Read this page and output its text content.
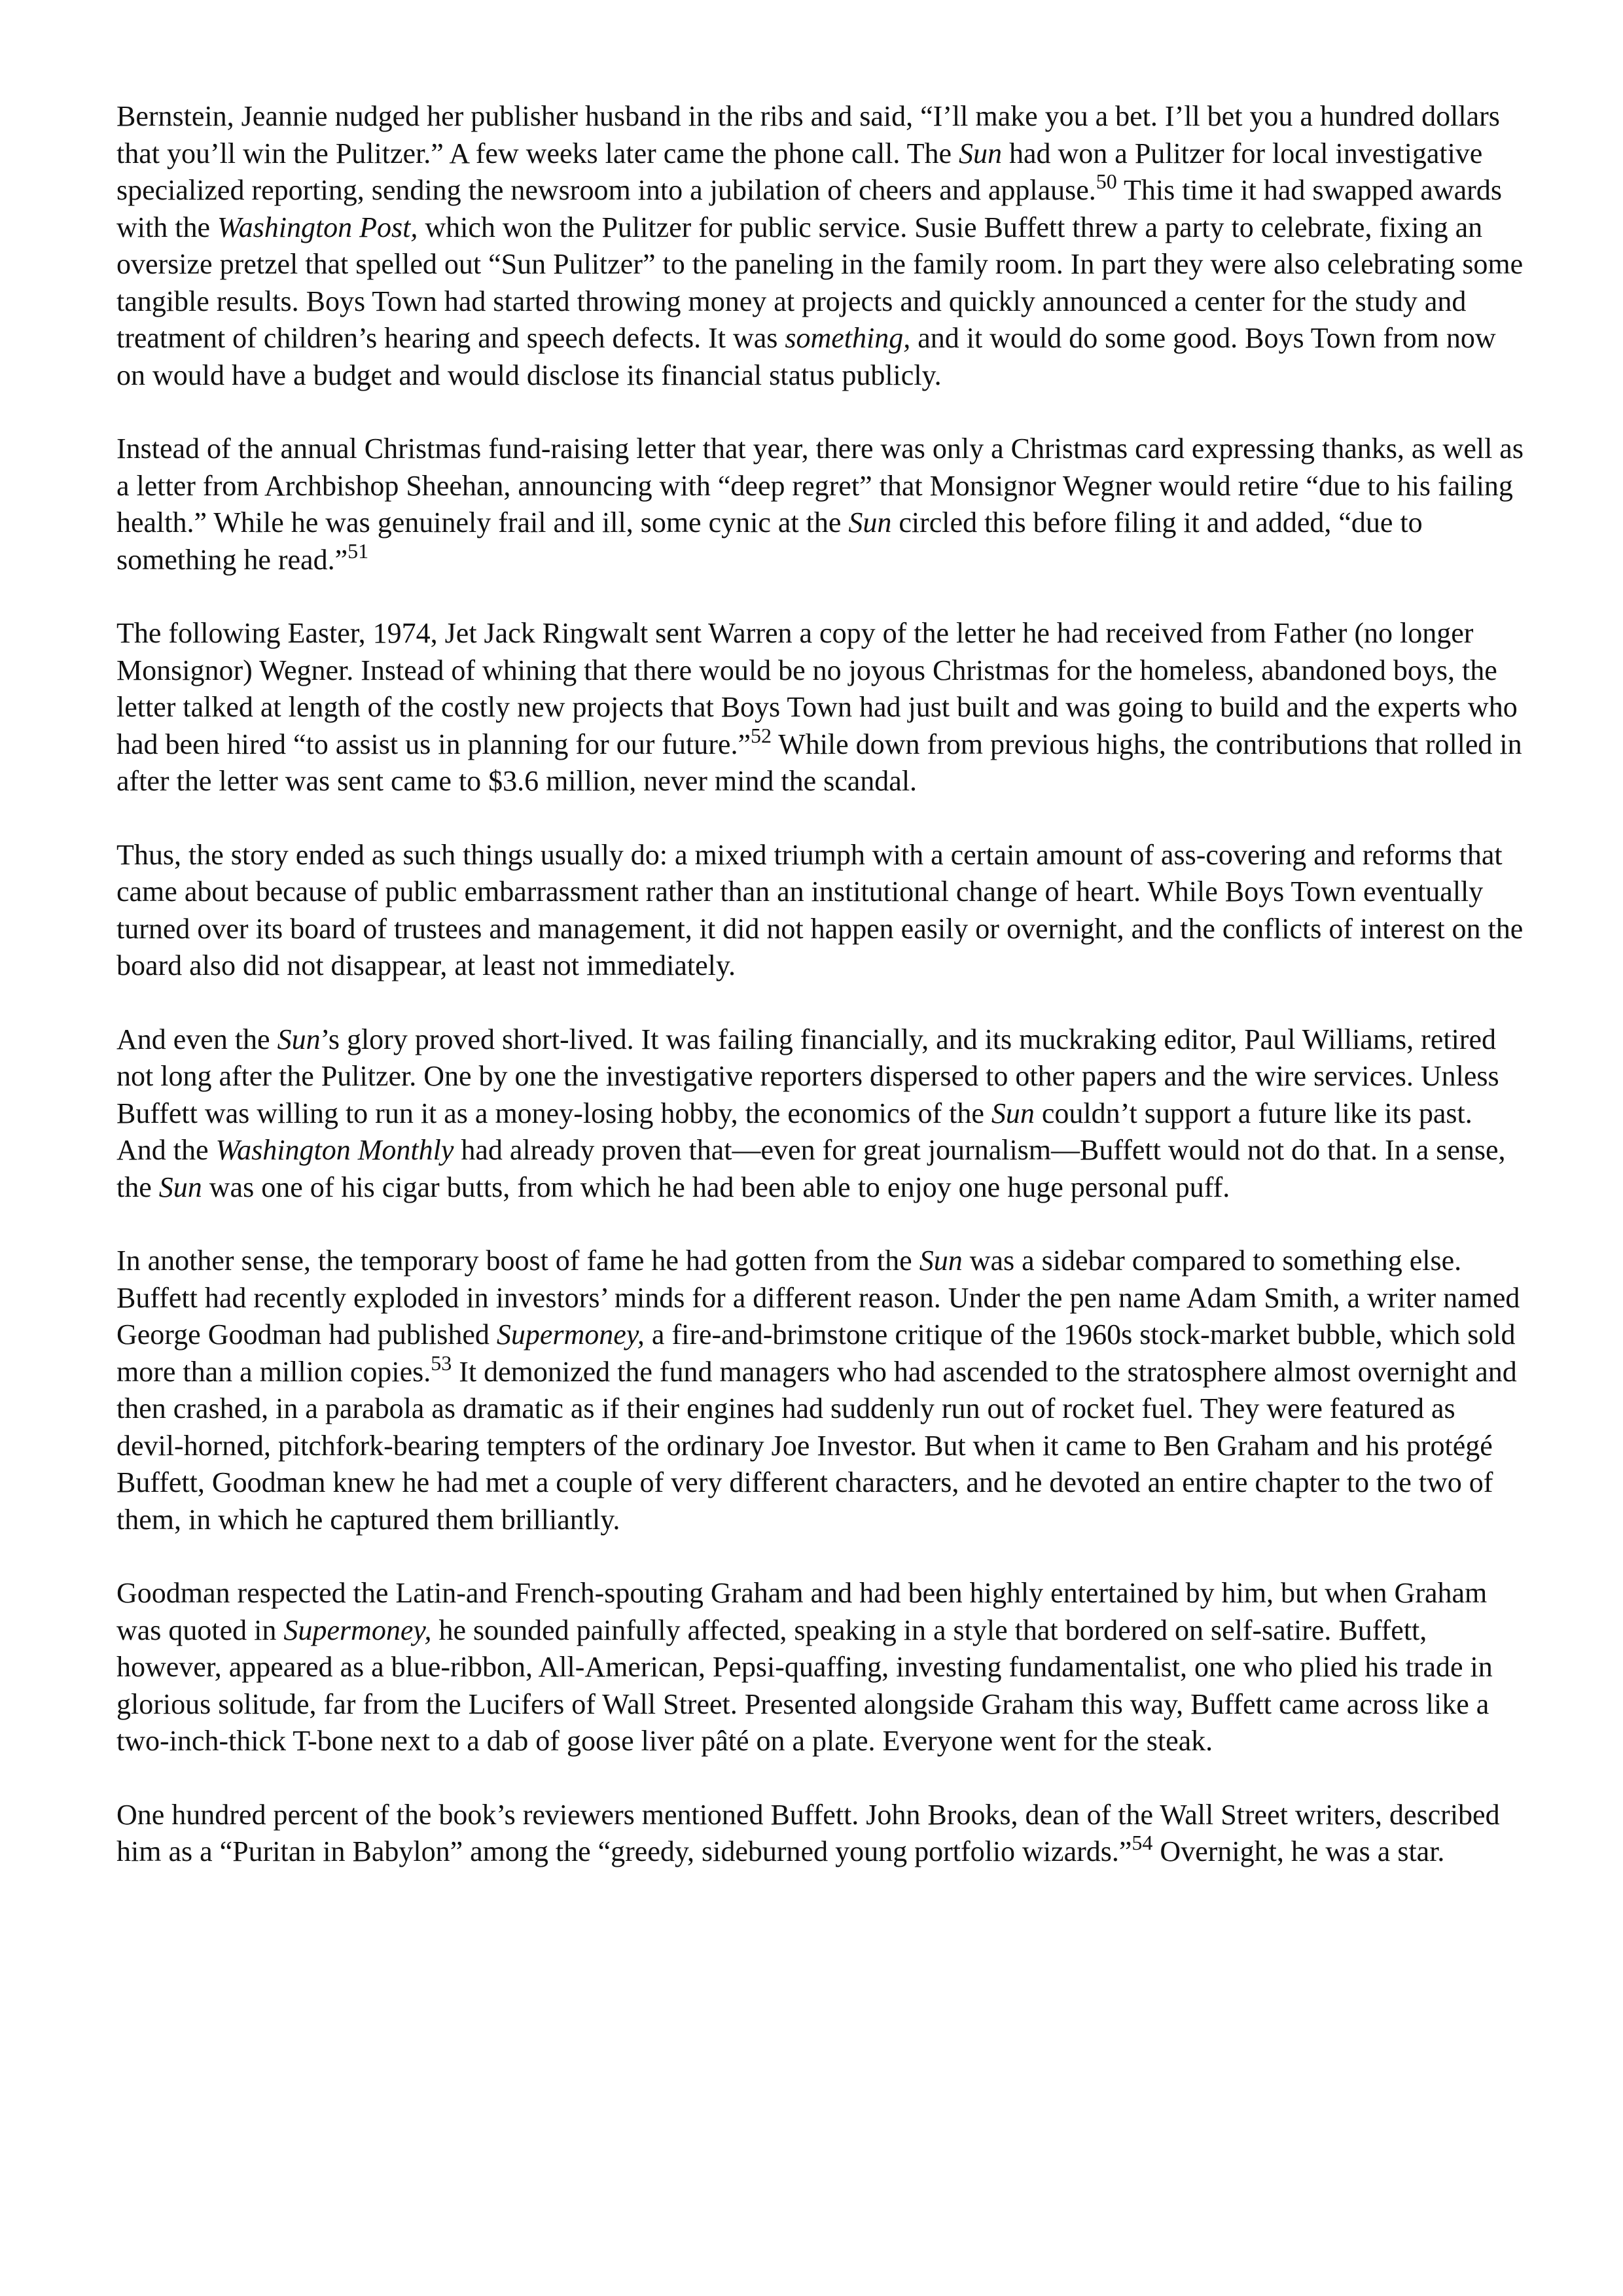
Bernstein, Jeannie nudged her publisher husband in the ribs and said, “I’ll make you a bet. I’ll bet you a hundred dollars that you’ll win the Pulitzer.” A few weeks later came the phone call. The Sun had won a Pulitzer for local investigative specialized reporting, sending the newsroom into a jubilation of cheers and applause.$^{50}$ This time it had swapped awards with the Washington Post, which won the Pulitzer for public service. Susie Buffett threw a party to celebrate, fixing an oversize pretzel that spelled out “Sun Pulitzer” to the paneling in the family room. In part they were also celebrating some tangible results. Boys Town had started throwing money at projects and quickly announced a center for the study and treatment of children’s hearing and speech defects. It was something, and it would do some good. Boys Town from now on would have a budget and would disclose its financial status publicly.

Instead of the annual Christmas fund-raising letter that year, there was only a Christmas card expressing thanks, as well as a letter from Archbishop Sheehan, announcing with “deep regret” that Monsignor Wegner would retire “due to his failing health.” While he was genuinely frail and ill, some cynic at the Sun circled this before filing it and added, “due to something he read.”$^{51}$

The following Easter, 1974, Jet Jack Ringwalt sent Warren a copy of the letter he had received from Father (no longer Monsignor) Wegner. Instead of whining that there would be no joyous Christmas for the homeless, abandoned boys, the letter talked at length of the costly new projects that Boys Town had just built and was going to build and the experts who had been hired “to assist us in planning for our future.”$^{52}$ While down from previous highs, the contributions that rolled in after the letter was sent came to $3.6 million, never mind the scandal.

Thus, the story ended as such things usually do: a mixed triumph with a certain amount of ass-covering and reforms that came about because of public embarrassment rather than an institutional change of heart. While Boys Town eventually turned over its board of trustees and management, it did not happen easily or overnight, and the conflicts of interest on the board also did not disappear, at least not immediately.

And even the Sun’s glory proved short-lived. It was failing financially, and its muckraking editor, Paul Williams, retired not long after the Pulitzer. One by one the investigative reporters dispersed to other papers and the wire services. Unless Buffett was willing to run it as a money-losing hobby, the economics of the Sun couldn’t support a future like its past. And the Washington Monthly had already proven that—even for great journalism—Buffett would not do that. In a sense, the Sun was one of his cigar butts, from which he had been able to enjoy one huge personal puff.

In another sense, the temporary boost of fame he had gotten from the Sun was a sidebar compared to something else. Buffett had recently exploded in investors’ minds for a different reason. Under the pen name Adam Smith, a writer named George Goodman had published Supermoney, a fire-and-brimstone critique of the 1960s stock-market bubble, which sold more than a million copies.$^{53}$ It demonized the fund managers who had ascended to the stratosphere almost overnight and then crashed, in a parabola as dramatic as if their engines had suddenly run out of rocket fuel. They were featured as devil-horned, pitchfork-bearing tempters of the ordinary Joe Investor. But when it came to Ben Graham and his protégé Buffett, Goodman knew he had met a couple of very different characters, and he devoted an entire chapter to the two of them, in which he captured them brilliantly.

Goodman respected the Latin-and French-spouting Graham and had been highly entertained by him, but when Graham was quoted in Supermoney, he sounded painfully affected, speaking in a style that bordered on self-satire. Buffett, however, appeared as a blue-ribbon, All-American, Pepsi-quaffing, investing fundamentalist, one who plied his trade in glorious solitude, far from the Lucifers of Wall Street. Presented alongside Graham this way, Buffett came across like a two-inch-thick T-bone next to a dab of goose liver pâté on a plate. Everyone went for the steak.

One hundred percent of the book’s reviewers mentioned Buffett. John Brooks, dean of the Wall Street writers, described him as a “Puritan in Babylon” among the “greedy, sideburned young portfolio wizards.”$^{54}$ Overnight, he was a star.
